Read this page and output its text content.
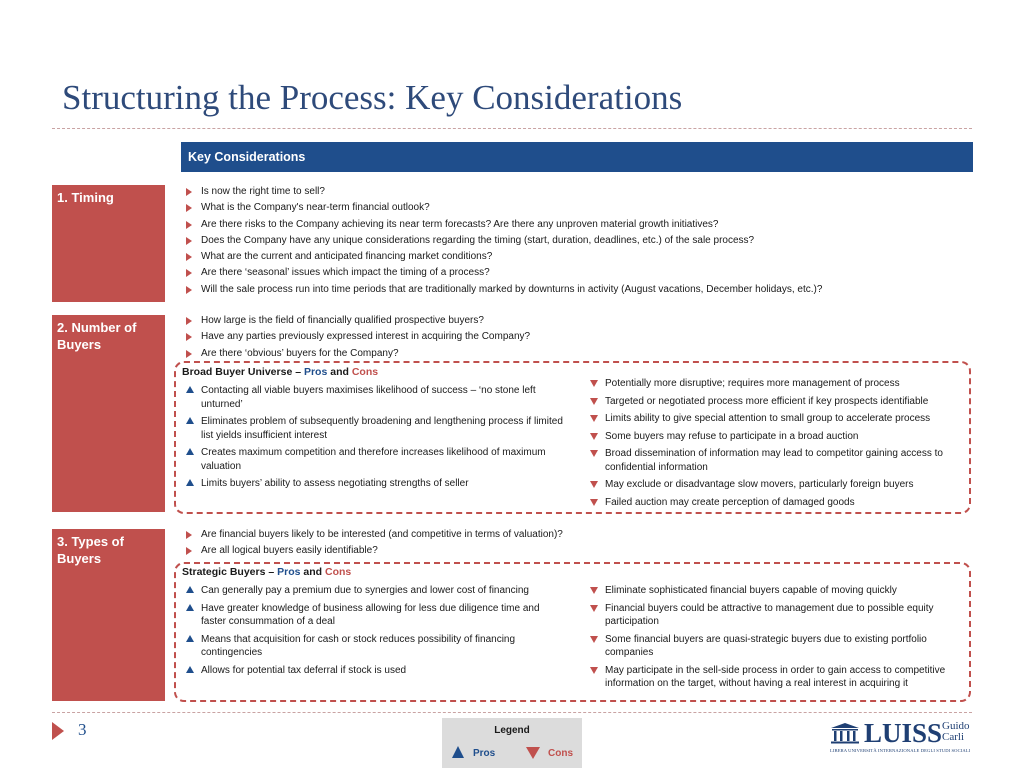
Structuring the Process: Key Considerations
Key Considerations
1. Timing	Is now the right time to sell?
What is the Company's near-term financial outlook?
Are there risks to the Company achieving its near term forecasts? Are there any unproven material growth initiatives?
Does the Company have any unique considerations regarding the timing (start, duration, deadlines, etc.) of the sale process?
What are the current and anticipated financing market conditions?
Are there ‘seasonal’ issues which impact the timing of a process?
Will the sale process run into time periods that are traditionally marked by downturns in activity (August vacations, December holidays, etc.)?
2. Number of Buyers
How large is the field of financially qualified prospective buyers?
Have any parties previously expressed interest in acquiring the Company?
Are there ‘obvious’ buyers for the Company?
Broad Buyer Universe – Pros and Cons
Contacting all viable buyers maximises likelihood of success – ‘no stone left unturned’
Eliminates problem of subsequently broadening and lengthening process if limited list yields insufficient interest
Creates maximum competition and therefore increases likelihood of maximum valuation
Limits buyers’ ability to assess negotiating strengths of seller
Potentially more disruptive; requires more management of process
Targeted or negotiated process more efficient if key prospects identifiable
Limits ability to give special attention to small group to accelerate process
Some buyers may refuse to participate in a broad auction
Broad dissemination of information may lead to competitor gaining access to confidential information
May exclude or disadvantage slow movers, particularly foreign buyers
Failed auction may create perception of damaged goods
3. Types of Buyers
Are financial buyers likely to be interested (and competitive in terms of valuation)?
Are all logical buyers easily identifiable?
Strategic Buyers – Pros and Cons
Can generally pay a premium due to synergies and lower cost of financing
Have greater knowledge of business allowing for less due diligence time and faster consummation of a deal
Means that acquisition for cash or stock reduces possibility of financing contingencies
Allows for potential tax deferral if stock is used
Eliminate sophisticated financial buyers capable of moving quickly
Financial buyers could be attractive to management due to possible equity participation
Some financial buyers are quasi-strategic buyers due to existing portfolio companies
May participate in the sell-side process in order to gain access to competitive information on the target, without having a real interest in acquiring it
3	Legend
Pros	Cons
LUISS Guido
Carli
LIBERA UNIVERSITÀ INTERNAZIONALE DEGLI STUDI SOCIALI
